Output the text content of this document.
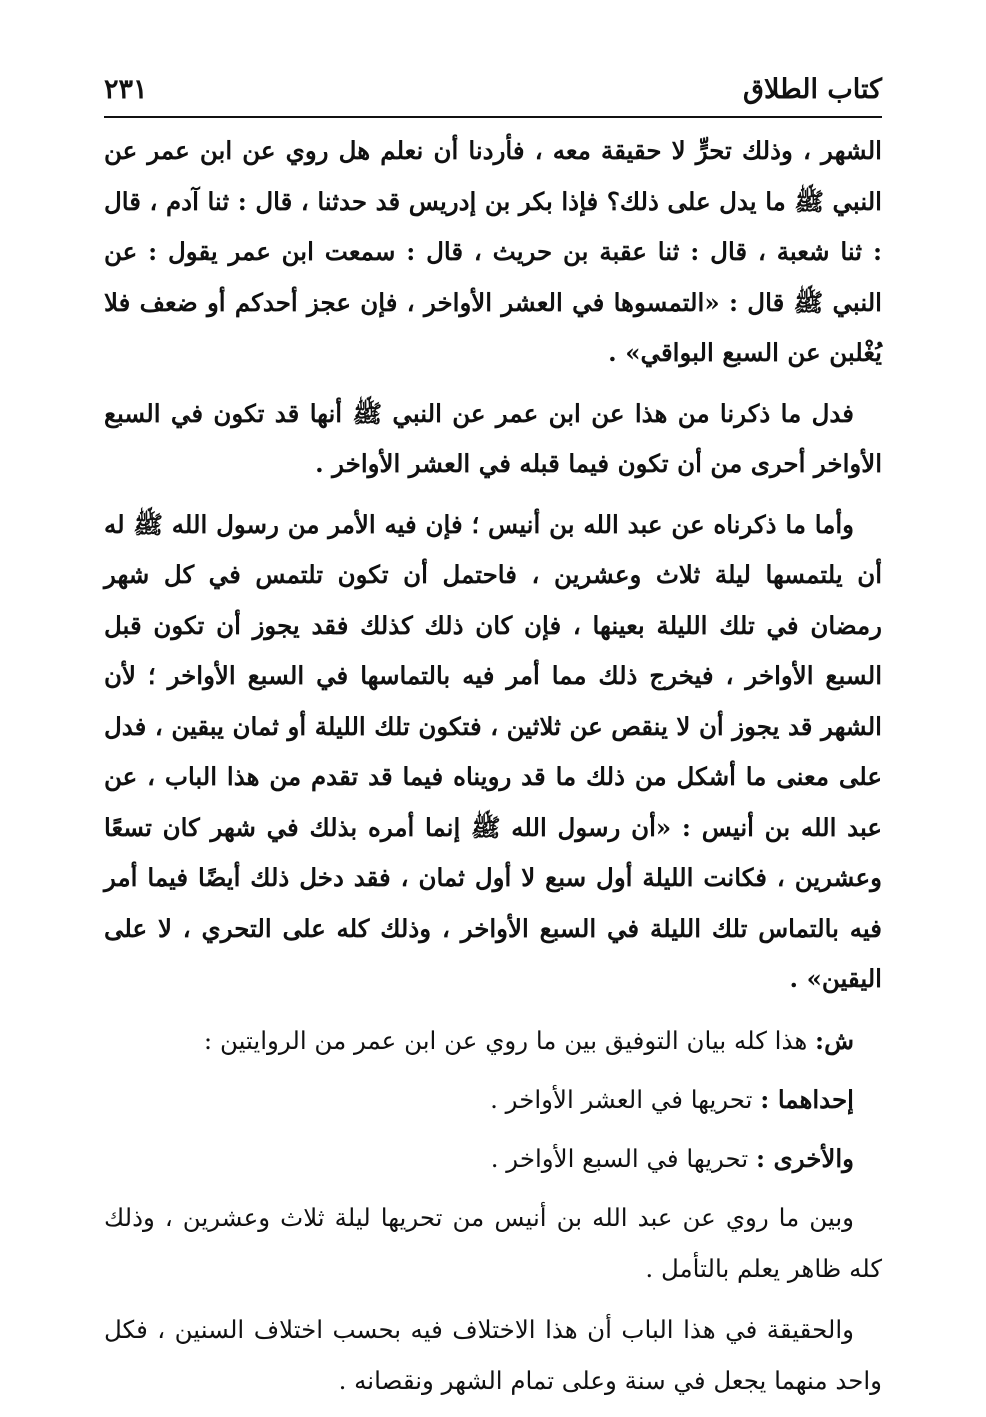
كتاب الطلاق
٢٣١

الشهر ، وذلك تحرٍّ لا حقيقة معه ، فأردنا أن نعلم هل روي عن ابن عمر عن النبي ﷺ ما يدل على ذلك؟ فإذا بكر بن إدريس قد حدثنا ، قال : ثنا آدم ، قال : ثنا شعبة ، قال : ثنا عقبة بن حريث ، قال : سمعت ابن عمر يقول : عن النبي ﷺ قال : «التمسوها في العشر الأواخر ، فإن عجز أحدكم أو ضعف فلا يُغْلبن عن السبع البواقي» .

فدل ما ذكرنا من هذا عن ابن عمر عن النبي ﷺ أنها قد تكون في السبع الأواخر أحرى من أن تكون فيما قبله في العشر الأواخر .

وأما ما ذكرناه عن عبد الله بن أنيس ؛ فإن فيه الأمر من رسول الله ﷺ له أن يلتمسها ليلة ثلاث وعشرين ، فاحتمل أن تكون تلتمس في كل شهر رمضان في تلك الليلة بعينها ، فإن كان ذلك كذلك فقد يجوز أن تكون قبل السبع الأواخر ، فيخرج ذلك مما أمر فيه بالتماسها في السبع الأواخر ؛ لأن الشهر قد يجوز أن لا ينقص عن ثلاثين ، فتكون تلك الليلة أو ثمان يبقين ، فدل على معنى ما أشكل من ذلك ما قد رويناه فيما قد تقدم من هذا الباب ، عن عبد الله بن أنيس : «أن رسول الله ﷺ إنما أمره بذلك في شهر كان تسعًا وعشرين ، فكانت الليلة أول سبع لا أول ثمان ، فقد دخل ذلك أيضًا فيما أمر فيه بالتماس تلك الليلة في السبع الأواخر ، وذلك كله على التحري ، لا على اليقين» .

ش: هذا كله بيان التوفيق بين ما روي عن ابن عمر من الروايتين :

إحداهما : تحريها في العشر الأواخر .

والأخرى : تحريها في السبع الأواخر .

وبين ما روي عن عبد الله بن أنيس من تحريها ليلة ثلاث وعشرين ، وذلك كله ظاهر يعلم بالتأمل .

والحقيقة في هذا الباب أن هذا الاختلاف فيه بحسب اختلاف السنين ، فكل واحد منهما يجعل في سنة وعلى تمام الشهر ونقصانه .
